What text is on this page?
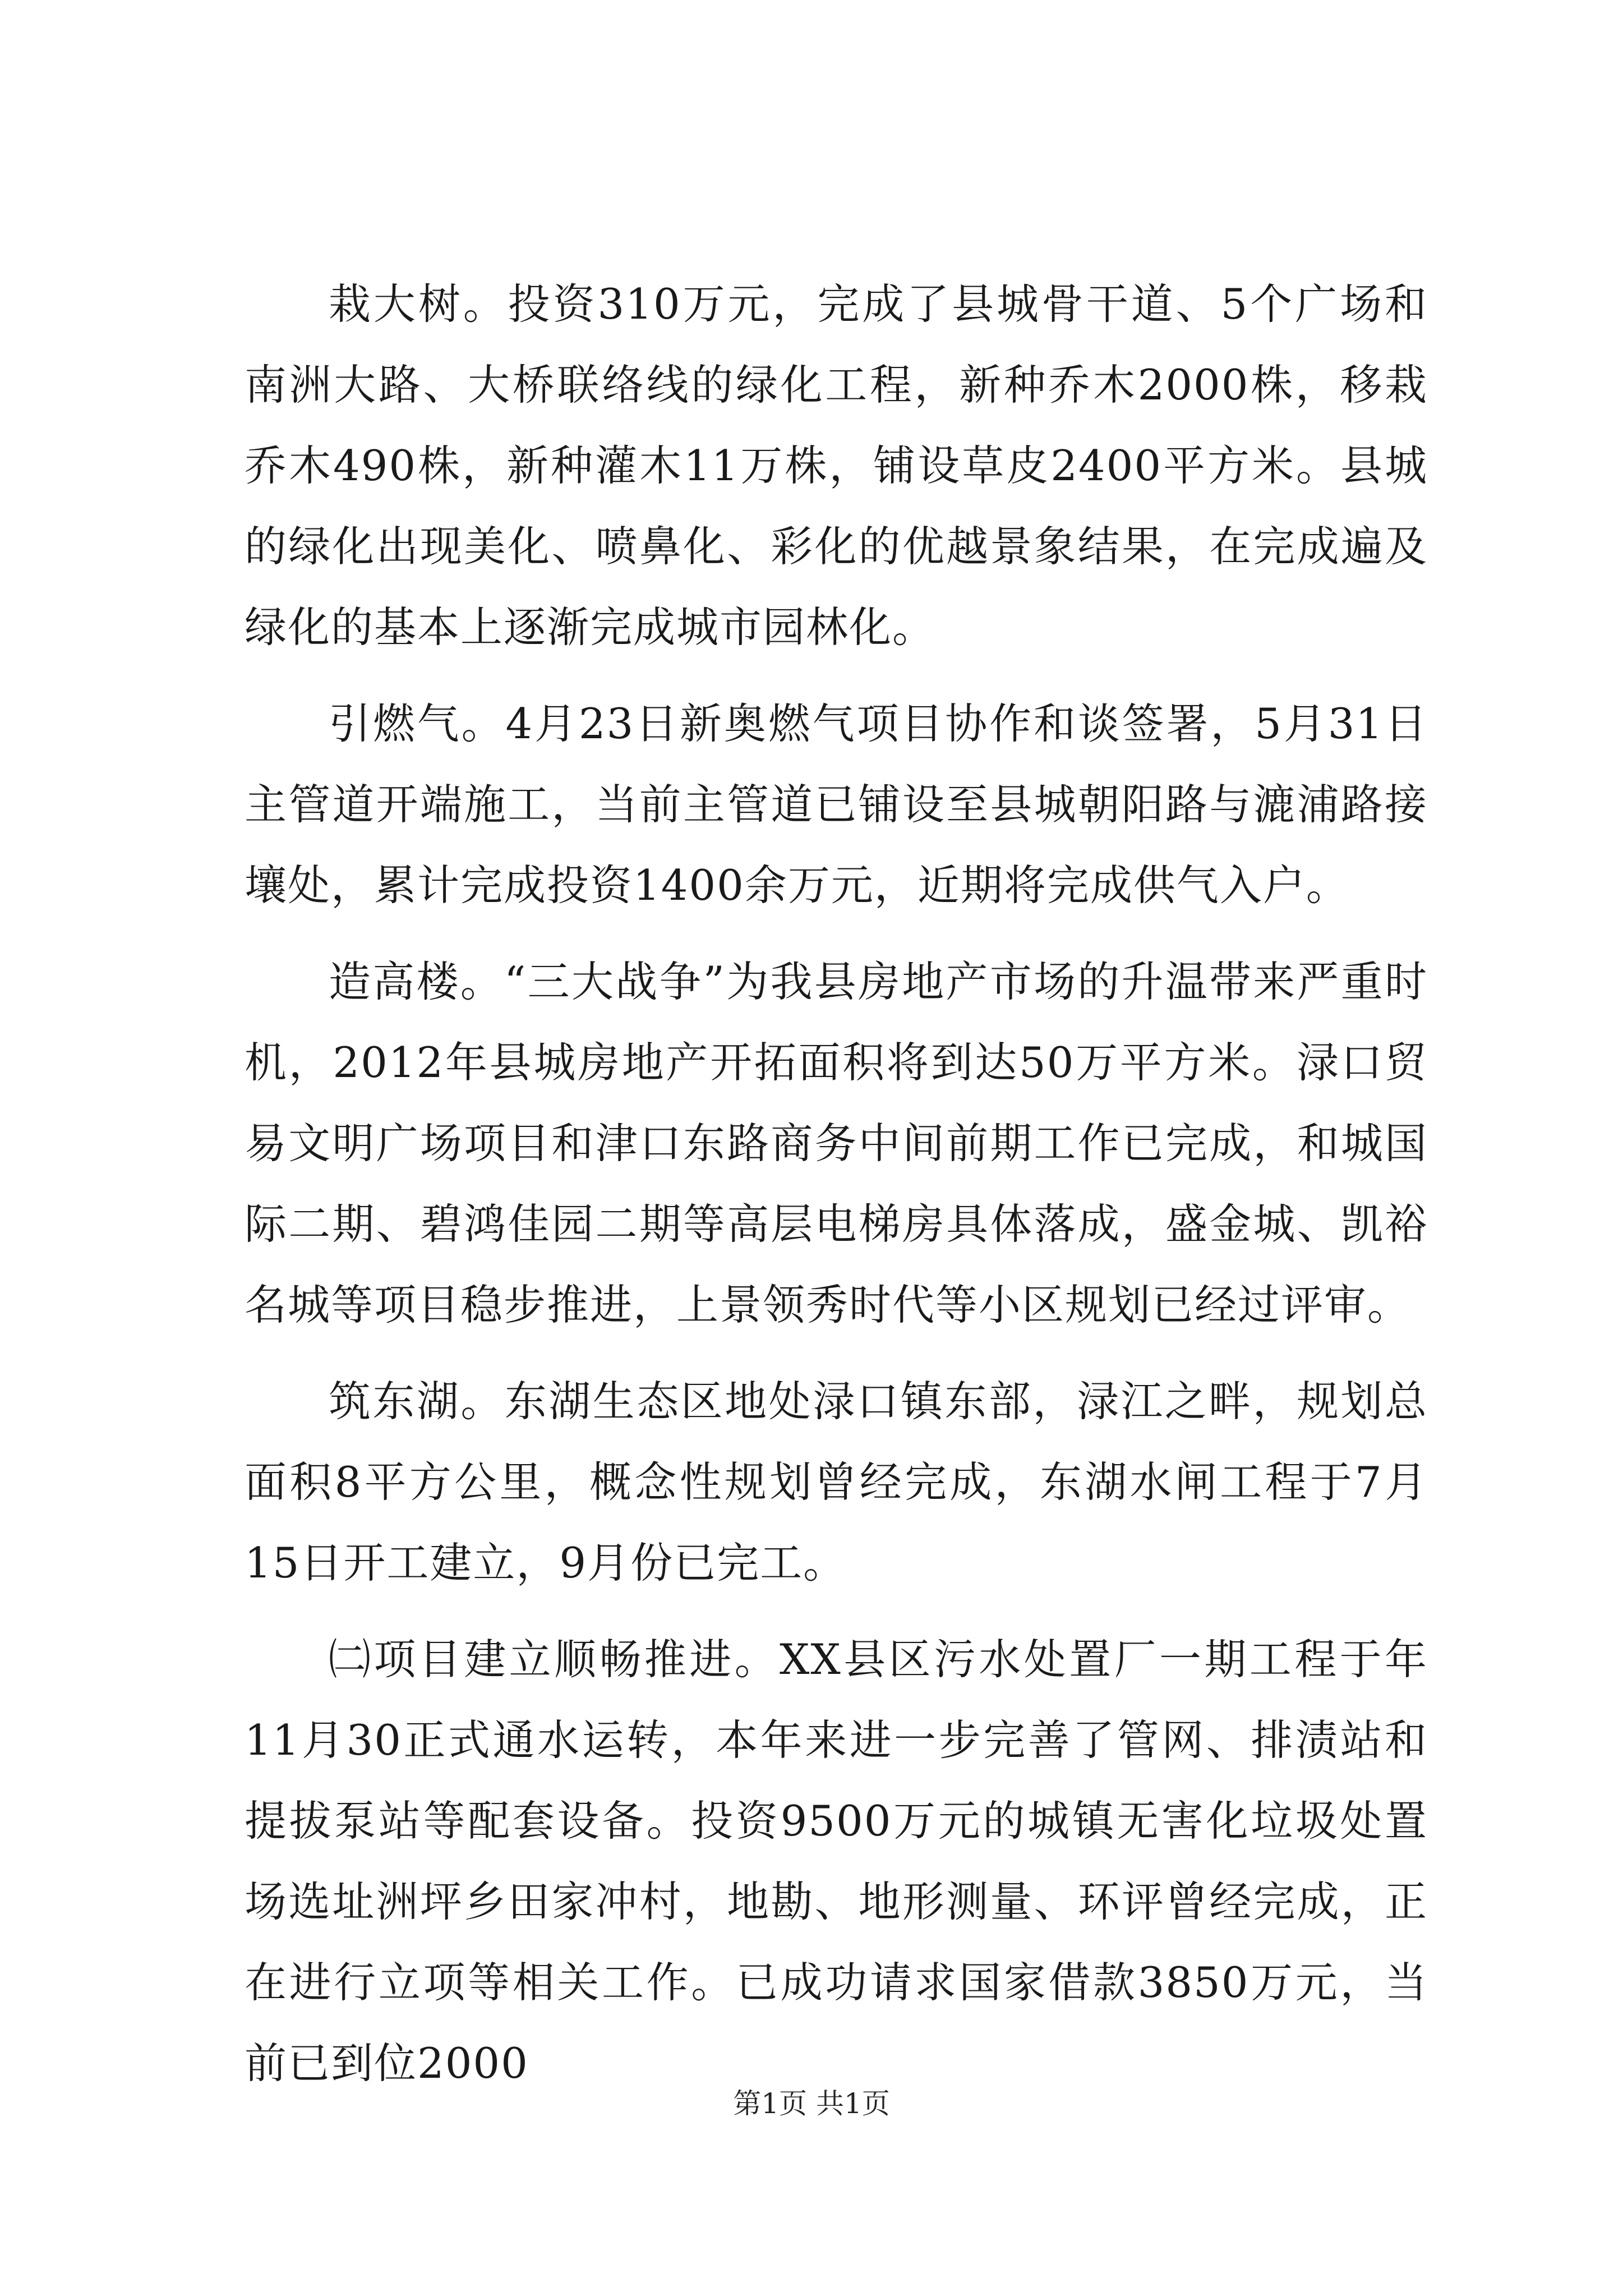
栽大树。投资310万元，完成了县城骨干道、5个广场和南洲大路、大桥联络线的绿化工程，新种乔木2000株，移栽乔木490株，新种灌木11万株，铺设草皮2400平方米。县城的绿化出现美化、喷鼻化、彩化的优越景象结果，在完成遍及绿化的基本上逐渐完成城市园林化。

引燃气。4月23日新奥燃气项目协作和谈签署，5月31日主管道开端施工，当前主管道已铺设至县城朝阳路与漉浦路接壤处，累计完成投资1400余万元，近期将完成供气入户。

造高楼。“三大战争”为我县房地产市场的升温带来严重时机，2012年县城房地产开拓面积将到达50万平方米。渌口贸易文明广场项目和津口东路商务中间前期工作已完成，和城国际二期、碧鸿佳园二期等高层电梯房具体落成，盛金城、凯裕名城等项目稳步推进，上景领秀时代等小区规划已经过评审。

筑东湖。东湖生态区地处渌口镇东部，渌江之畔，规划总面积8平方公里，概念性规划曾经完成，东湖水闸工程于7月15日开工建立，9月份已完工。

㈡项目建立顺畅推进。XX县区污水处置厂一期工程于年11月30正式通水运转，本年来进一步完善了管网、排渍站和提拔泵站等配套设备。投资9500万元的城镇无害化垃圾处置场选址洲坪乡田家冲村，地勘、地形测量、环评曾经完成，正在进行立项等相关工作。已成功请求国家借款3850万元，当前已到位2000

第1页 共1页
